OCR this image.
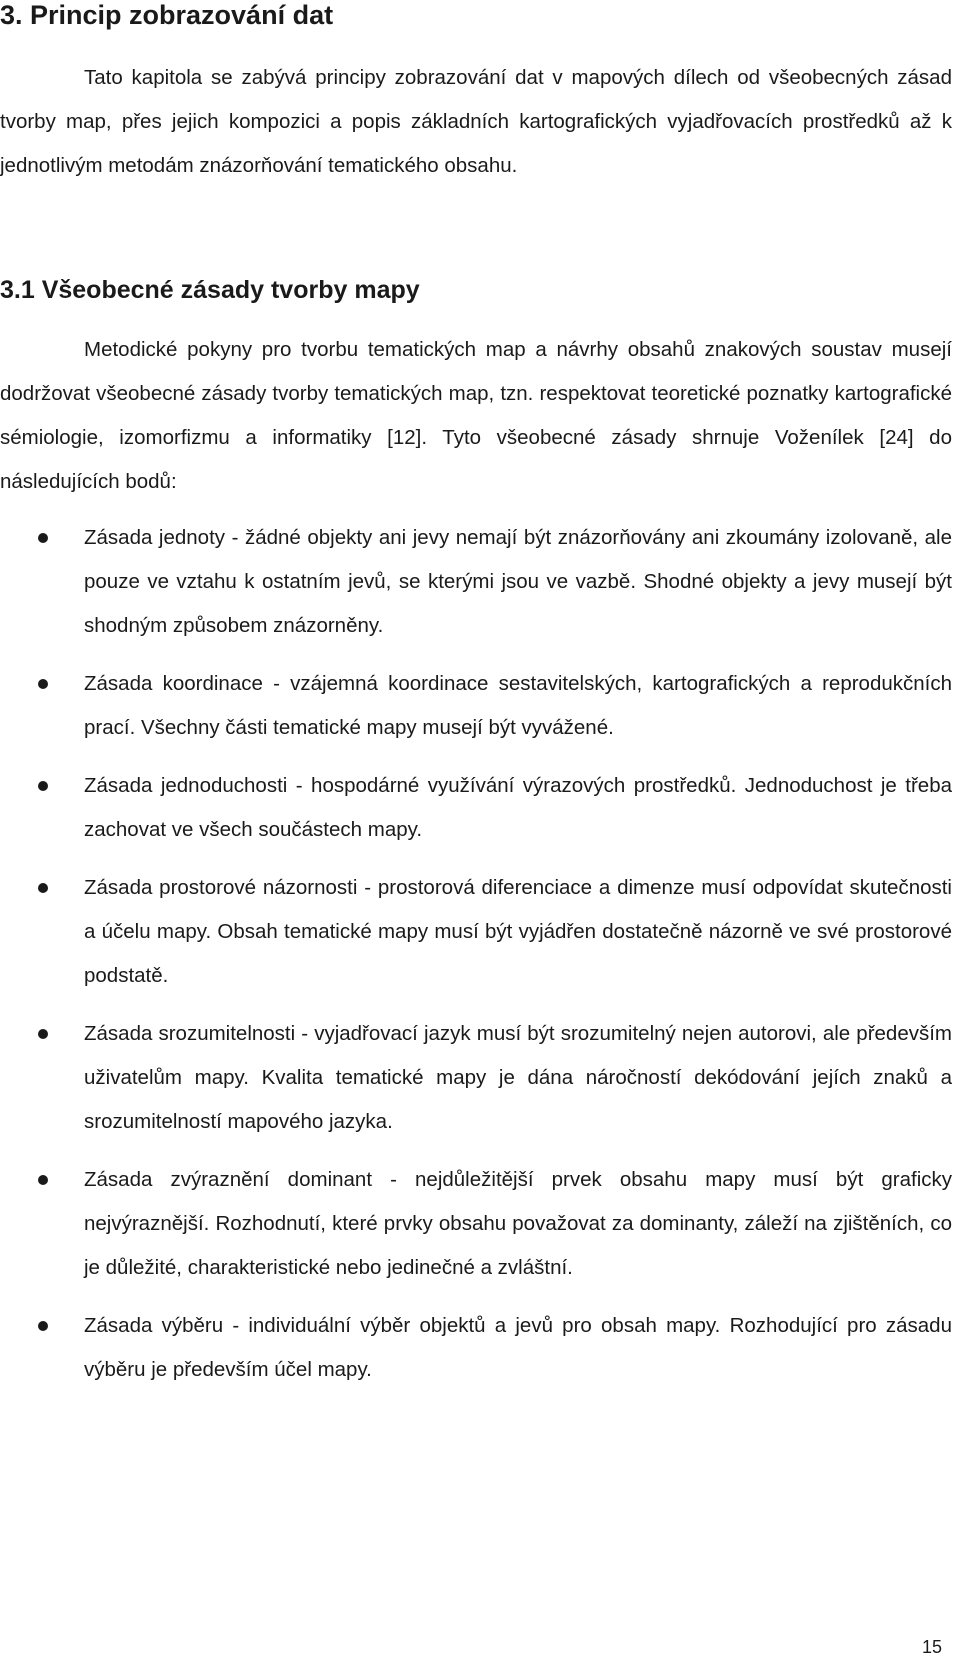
3. Princip zobrazování dat

Tato kapitola se zabývá principy zobrazování dat v mapových dílech od všeobecných zásad tvorby map, přes jejich kompozici a popis základních kartografických vyjadřovacích prostředků až k jednotlivým metodám znázorňování tematického obsahu.

3.1 Všeobecné zásady tvorby mapy

Metodické pokyny pro tvorbu tematických map a návrhy obsahů znakových soustav musejí dodržovat všeobecné zásady tvorby tematických map, tzn. respektovat teoretické poznatky kartografické sémiologie, izomorfizmu a informatiky [12]. Tyto všeobecné zásady shrnuje Voženílek [24] do následujících bodů:

Zásada jednoty - žádné objekty ani jevy nemají být znázorňovány ani zkoumány izolovaně, ale pouze ve vztahu k ostatním jevů, se kterými jsou ve vazbě. Shodné objekty a jevy musejí být shodným způsobem znázorněny.
Zásada koordinace - vzájemná koordinace sestavitelských, kartografických a reprodukčních prací. Všechny části tematické mapy musejí být vyvážené.
Zásada jednoduchosti - hospodárné využívání výrazových prostředků. Jednoduchost je třeba zachovat ve všech součástech mapy.
Zásada prostorové názornosti - prostorová diferenciace a dimenze musí odpovídat skutečnosti a účelu mapy. Obsah tematické mapy musí být vyjádřen dostatečně názorně ve své prostorové podstatě.
Zásada srozumitelnosti - vyjadřovací jazyk musí být srozumitelný nejen autorovi, ale především uživatelům mapy. Kvalita tematické mapy je dána náročností dekódování jejích znaků a srozumitelností mapového jazyka.
Zásada zvýraznění dominant - nejdůležitější prvek obsahu mapy musí být graficky nejvýraznější. Rozhodnutí, které prvky obsahu považovat za dominanty, záleží na zjištěních, co je důležité, charakteristické nebo jedinečné a zvláštní.
Zásada výběru - individuální výběr objektů a jevů pro obsah mapy. Rozhodující pro zásadu výběru je především účel mapy.
15
